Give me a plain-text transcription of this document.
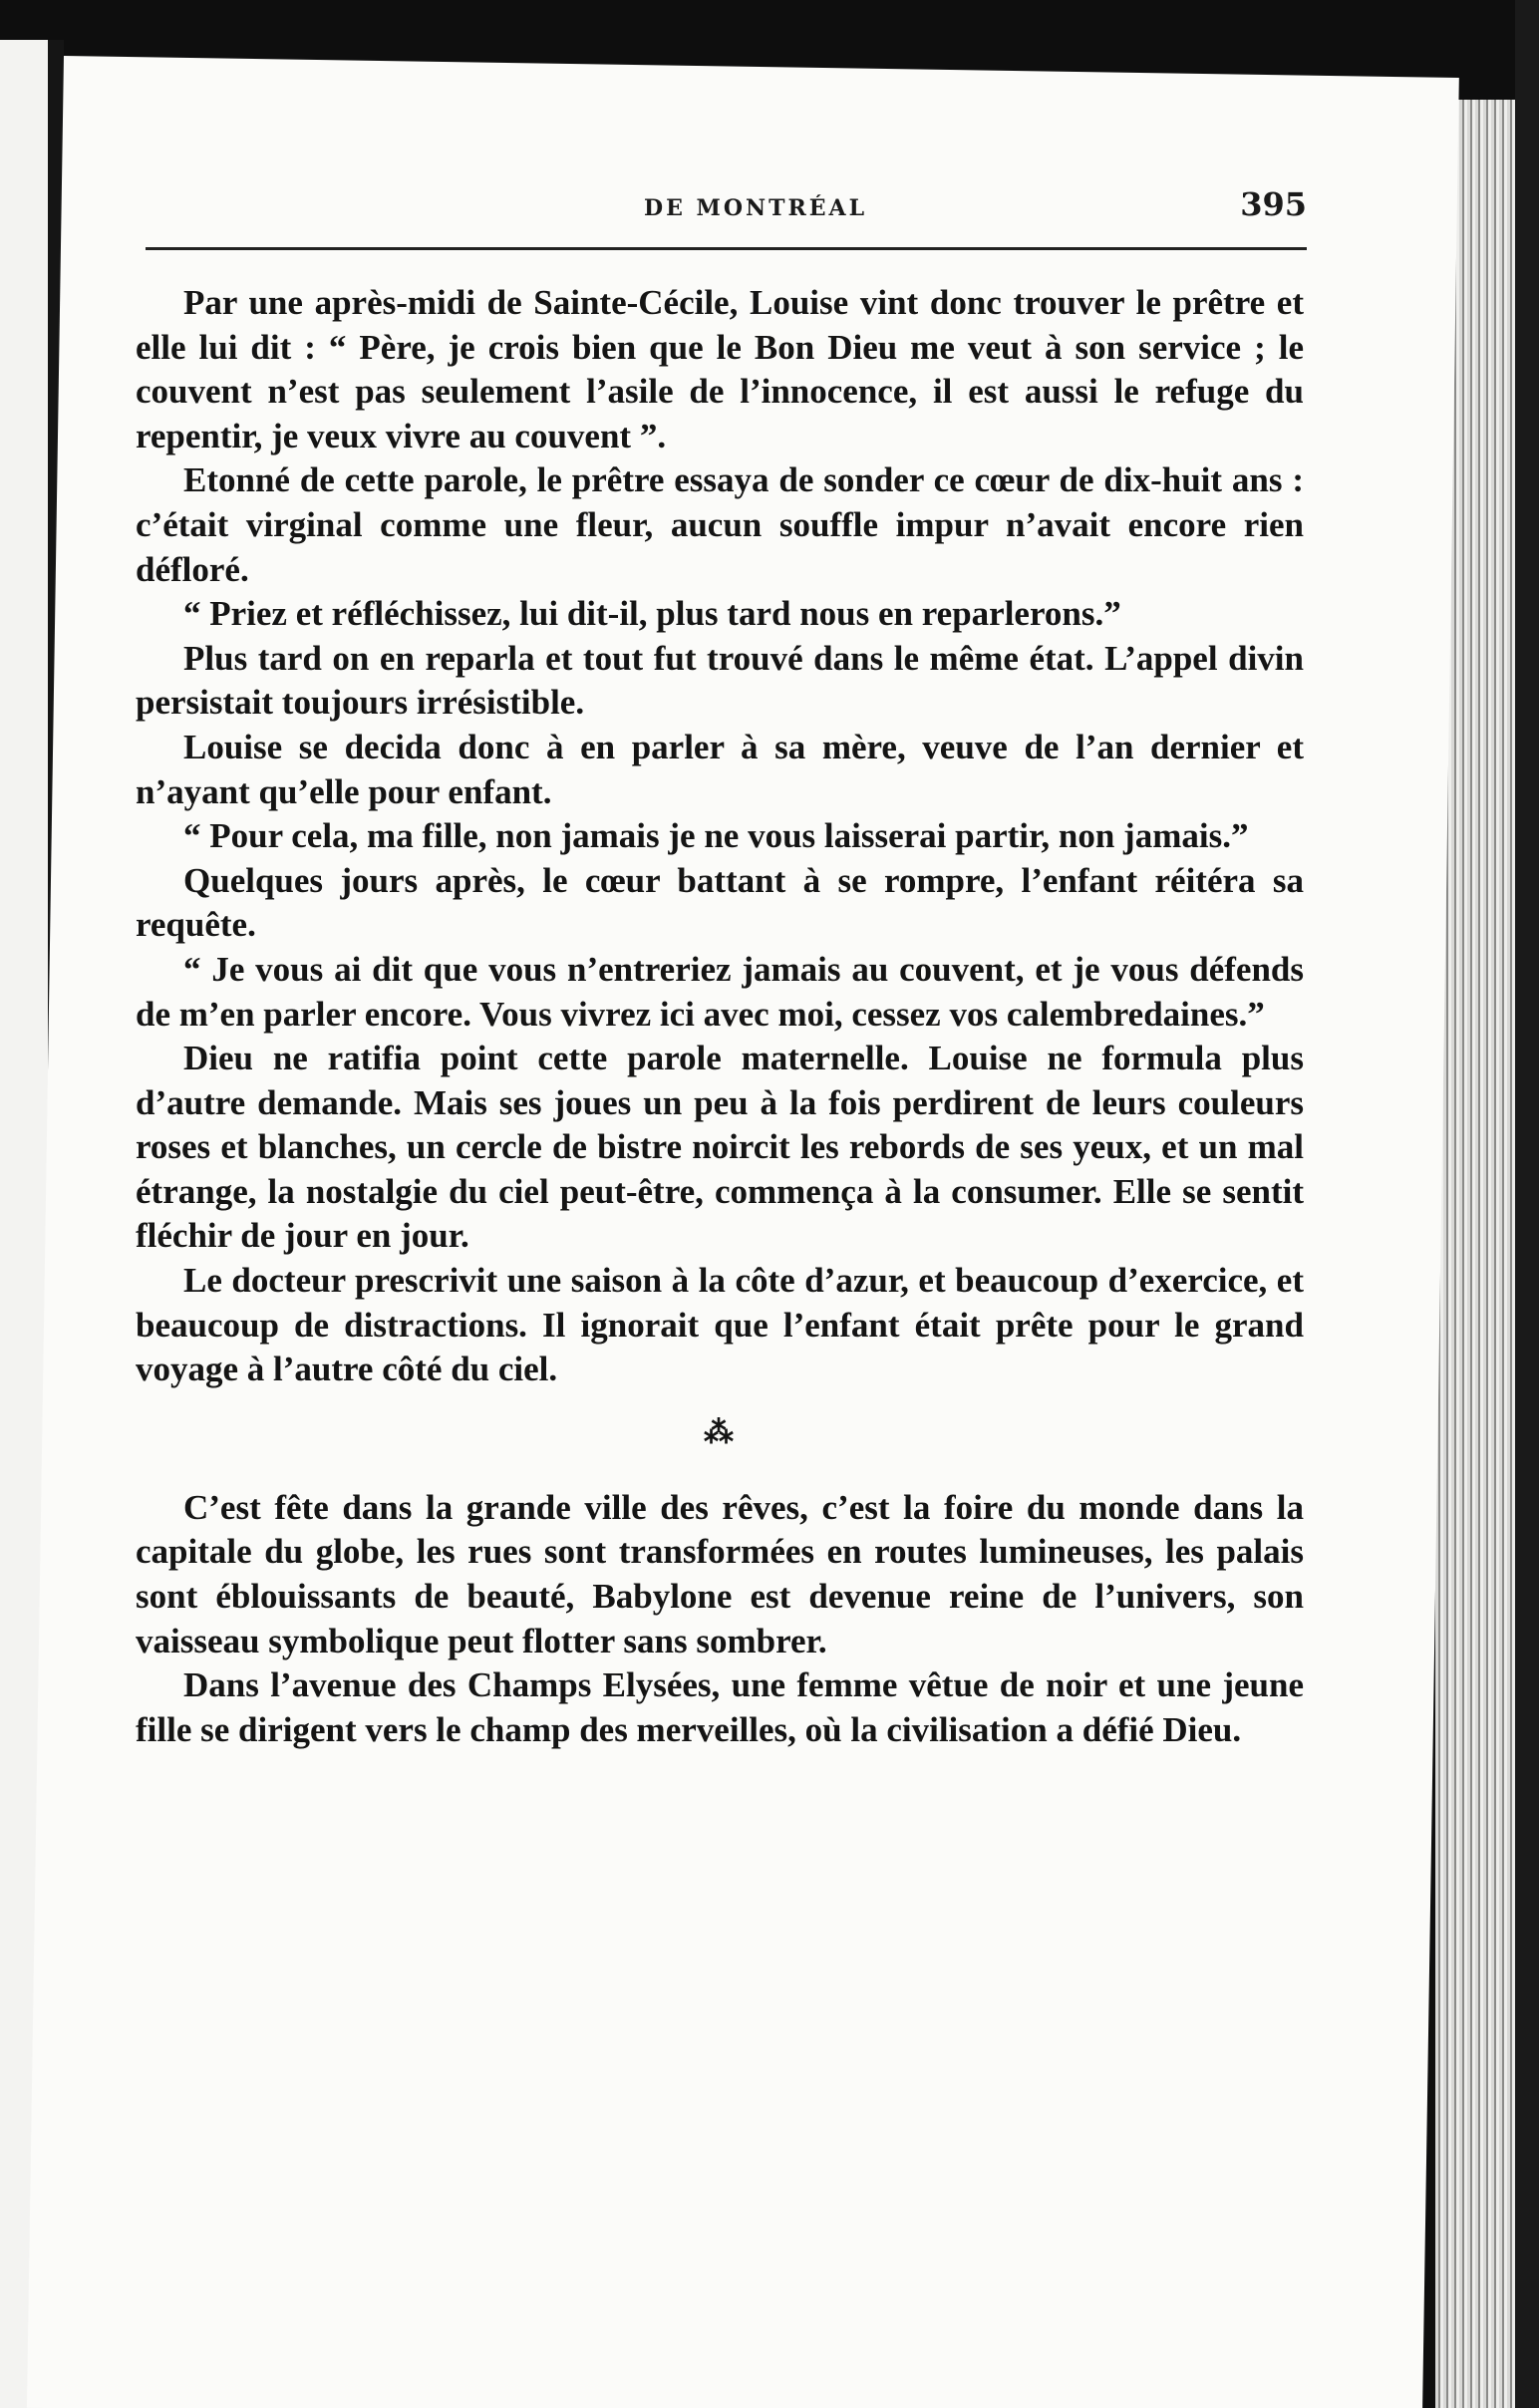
DE MONTRÉAL	395

Par une après-midi de Sainte-Cécile, Louise vint donc trouver le prêtre et elle lui dit : “ Père, je crois bien que le Bon Dieu me veut à son service ; le couvent n’est pas seulement l’asile de l’innocence, il est aussi le refuge du repentir, je veux vivre au couvent ”.

Etonné de cette parole, le prêtre essaya de sonder ce cœur de dix-huit ans : c’était virginal comme une fleur, aucun souffle impur n’avait encore rien défloré.

“ Priez et réfléchissez, lui dit-il, plus tard nous en reparlerons.”

Plus tard on en reparla et tout fut trouvé dans le même état. L’appel divin persistait toujours irrésistible.

Louise se decida donc à en parler à sa mère, veuve de l’an dernier et n’ayant qu’elle pour enfant.

“ Pour cela, ma fille, non jamais je ne vous laisserai partir, non jamais.”

Quelques jours après, le cœur battant à se rompre, l’enfant réitéra sa requête.

“ Je vous ai dit que vous n’entreriez jamais au couvent, et je vous défends de m’en parler encore. Vous vivrez ici avec moi, cessez vos calembredaines.”

Dieu ne ratifia point cette parole maternelle. Louise ne formula plus d’autre demande. Mais ses joues un peu à la fois perdirent de leurs couleurs roses et blanches, un cercle de bistre noircit les rebords de ses yeux, et un mal étrange, la nostalgie du ciel peut-être, commença à la consumer. Elle se sentit fléchir de jour en jour.

Le docteur prescrivit une saison à la côte d’azur, et beaucoup d’exercice, et beaucoup de distractions. Il ignorait que l’enfant était prête pour le grand voyage à l’autre côté du ciel.

⁂

C’est fête dans la grande ville des rêves, c’est la foire du monde dans la capitale du globe, les rues sont transformées en routes lumineuses, les palais sont éblouissants de beauté, Babylone est devenue reine de l’univers, son vaisseau symbolique peut flotter sans sombrer.

Dans l’avenue des Champs Elysées, une femme vêtue de noir et une jeune fille se dirigent vers le champ des merveilles, où la civilisation a défié Dieu.
